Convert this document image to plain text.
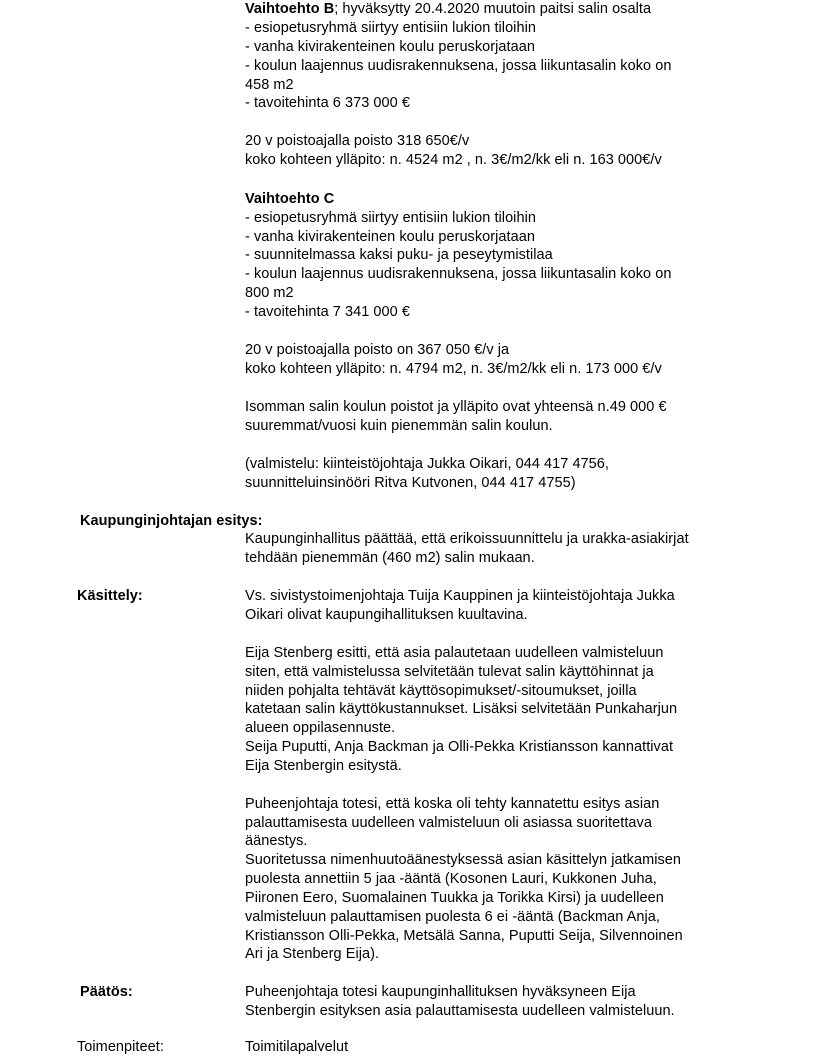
Vaihtoehto B; hyväksytty 20.4.2020 muutoin paitsi salin osalta
- esiopetusryhmä siirtyy entisiin lukion tiloihin
- vanha kivirakenteinen koulu peruskorjataan
- koulun laajennus uudisrakennuksena, jossa liikuntasalin koko on
458 m2
- tavoitehinta 6 373 000 €
20 v poistoajalla poisto 318 650€/v
koko kohteen ylläpito: n. 4524 m2 , n. 3€/m2/kk eli n. 163 000€/v
Vaihtoehto C
- esiopetusryhmä siirtyy entisiin lukion tiloihin
- vanha kivirakenteinen koulu peruskorjataan
- suunnitelmassa kaksi puku- ja peseytymistilaa
- koulun laajennus uudisrakennuksena, jossa liikuntasalin koko on
800 m2
- tavoitehinta 7 341 000 €
20 v poistoajalla poisto on 367 050 €/v ja
koko kohteen ylläpito: n. 4794 m2, n. 3€/m2/kk eli n. 173 000 €/v
Isomman salin koulun poistot ja ylläpito ovat yhteensä n.49 000 €
suuremmat/vuosi kuin pienemmän salin koulun.
(valmistelu: kiinteistöjohtaja Jukka Oikari, 044 417 4756,
suunnitteluinsinööri Ritva Kutvonen, 044 417 4755)
Kaupunginjohtajan esitys:
Kaupunginhallitus päättää, että erikoissuunnittelu ja urakka-asiakirjat
tehdään pienemmän (460 m2) salin mukaan.
Käsittely:	Vs. sivistystoimenjohtaja Tuija Kauppinen ja kiinteistöjohtaja Jukka
Oikari olivat kaupungihallituksen kuultavina.
Eija Stenberg esitti, että asia palautetaan uudelleen valmisteluun
siten, että valmistelussa selvitetään tulevat salin käyttöhinnat ja
niiden pohjalta tehtävät käyttösopimukset/-sitoumukset, joilla
katetaan salin käyttökustannukset. Lisäksi selvitetään Punkaharjun
alueen oppilasennuste.
Seija Puputti, Anja Backman ja Olli-Pekka Kristiansson kannattivat
Eija Stenbergin esitystä.
Puheenjohtaja totesi, että koska oli tehty kannatettu esitys asian
palauttamisesta uudelleen valmisteluun oli asiassa suoritettava
äänestys.
Suoritetussa nimenhuutoäänestyksessä asian käsittelyn jatkamisen
puolesta annettiin 5 jaa -ääntä (Kosonen Lauri, Kukkonen Juha,
Piironen Eero, Suomalainen Tuukka ja Torikka Kirsi) ja uudelleen
valmisteluun palauttamisen puolesta 6 ei -ääntä (Backman Anja,
Kristiansson Olli-Pekka, Metsälä Sanna, Puputti Seija, Silvennoinen
Ari ja Stenberg Eija).
Päätös:	Puheenjohtaja totesi kaupunginhallituksen hyväksyneen Eija
Stenbergin esityksen asia palauttamisesta uudelleen valmisteluun.
Toimenpiteet:	Toimitilapalvelut
